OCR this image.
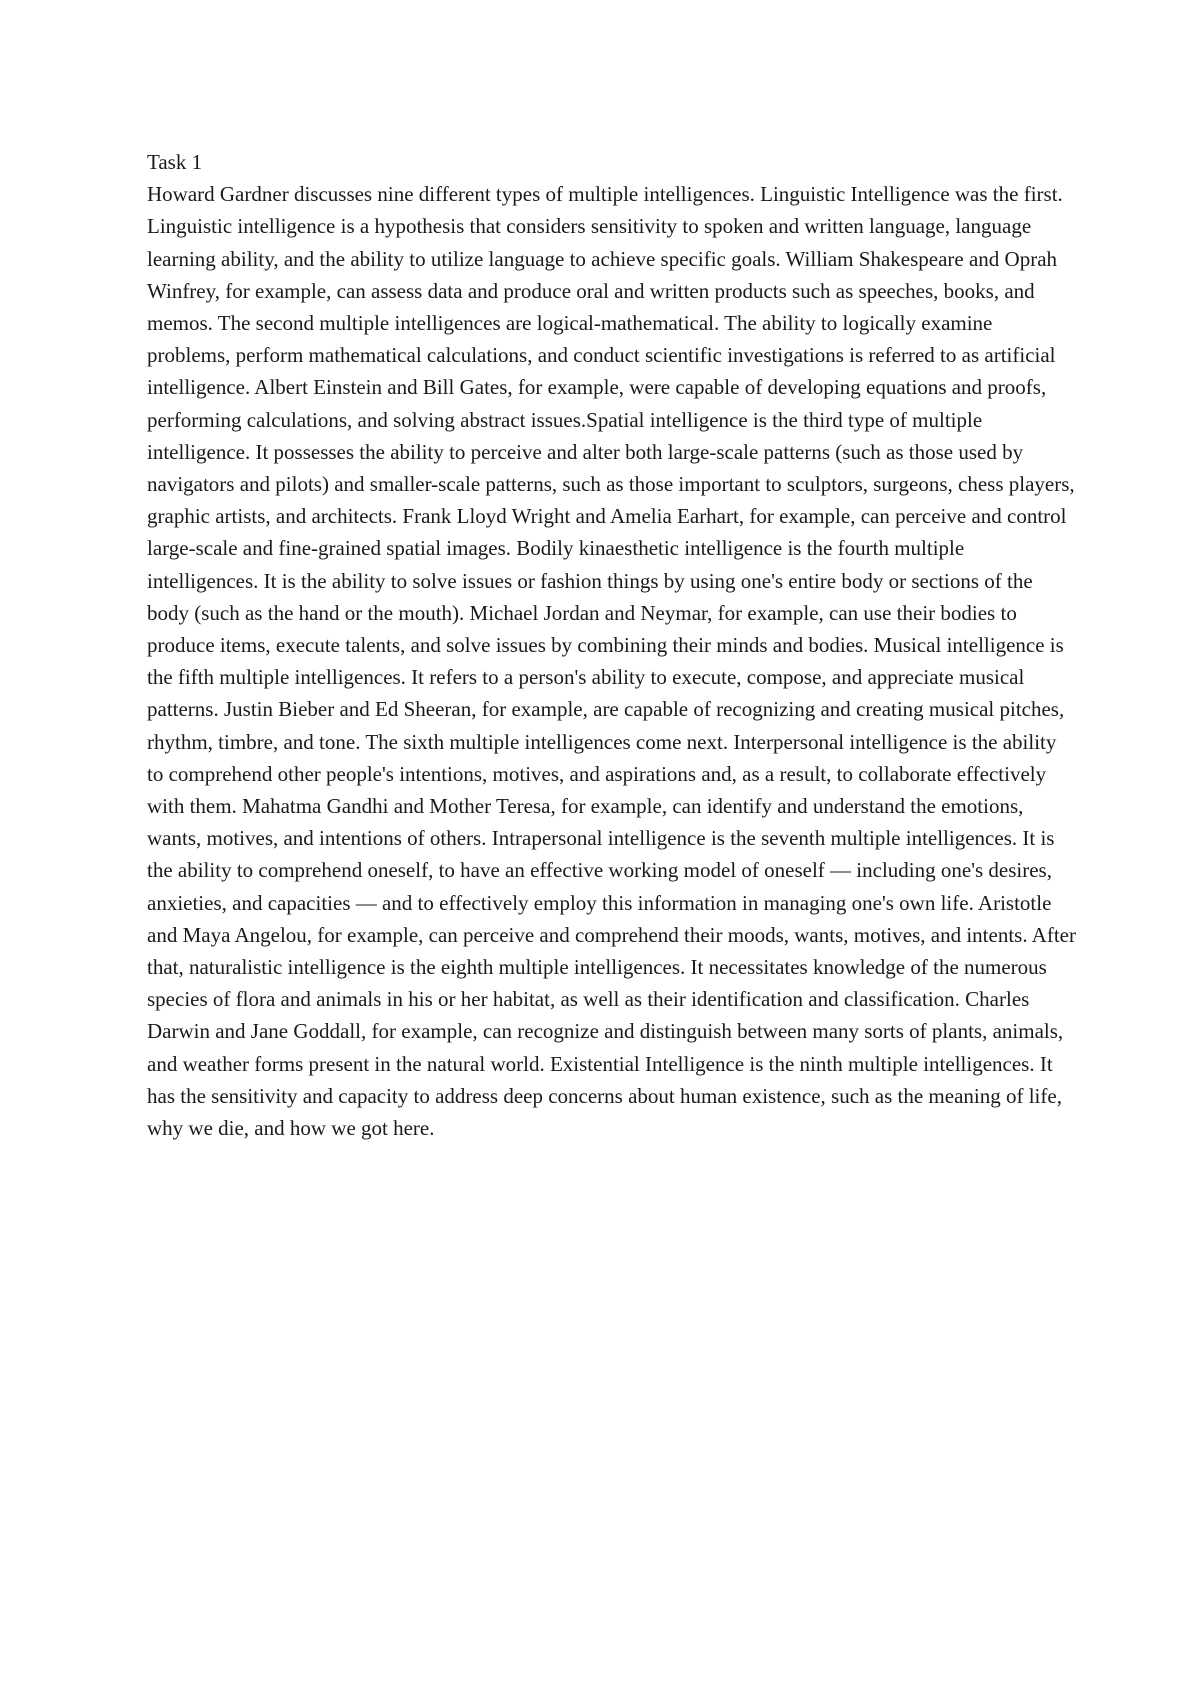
Task 1

Howard Gardner discusses nine different types of multiple intelligences. Linguistic Intelligence was the first. Linguistic intelligence is a hypothesis that considers sensitivity to spoken and written language, language learning ability, and the ability to utilize language to achieve specific goals. William Shakespeare and Oprah Winfrey, for example, can assess data and produce oral and written products such as speeches, books, and memos. The second multiple intelligences are logical-mathematical. The ability to logically examine problems, perform mathematical calculations, and conduct scientific investigations is referred to as artificial intelligence. Albert Einstein and Bill Gates, for example, were capable of developing equations and proofs, performing calculations, and solving abstract issues.Spatial intelligence is the third type of multiple intelligence. It possesses the ability to perceive and alter both large-scale patterns (such as those used by navigators and pilots) and smaller-scale patterns, such as those important to sculptors, surgeons, chess players, graphic artists, and architects. Frank Lloyd Wright and Amelia Earhart, for example, can perceive and control large-scale and fine-grained spatial images. Bodily kinaesthetic intelligence is the fourth multiple intelligences. It is the ability to solve issues or fashion things by using one's entire body or sections of the body (such as the hand or the mouth). Michael Jordan and Neymar, for example, can use their bodies to produce items, execute talents, and solve issues by combining their minds and bodies. Musical intelligence is the fifth multiple intelligences. It refers to a person's ability to execute, compose, and appreciate musical patterns. Justin Bieber and Ed Sheeran, for example, are capable of recognizing and creating musical pitches, rhythm, timbre, and tone. The sixth multiple intelligences come next. Interpersonal intelligence is the ability to comprehend other people's intentions, motives, and aspirations and, as a result, to collaborate effectively with them. Mahatma Gandhi and Mother Teresa, for example, can identify and understand the emotions, wants, motives, and intentions of others. Intrapersonal intelligence is the seventh multiple intelligences. It is the ability to comprehend oneself, to have an effective working model of oneself — including one's desires, anxieties, and capacities — and to effectively employ this information in managing one's own life. Aristotle and Maya Angelou, for example, can perceive and comprehend their moods, wants, motives, and intents. After that, naturalistic intelligence is the eighth multiple intelligences. It necessitates knowledge of the numerous species of flora and animals in his or her habitat, as well as their identification and classification. Charles Darwin and Jane Goddall, for example, can recognize and distinguish between many sorts of plants, animals, and weather forms present in the natural world. Existential Intelligence is the ninth multiple intelligences. It has the sensitivity and capacity to address deep concerns about human existence, such as the meaning of life, why we die, and how we got here.
